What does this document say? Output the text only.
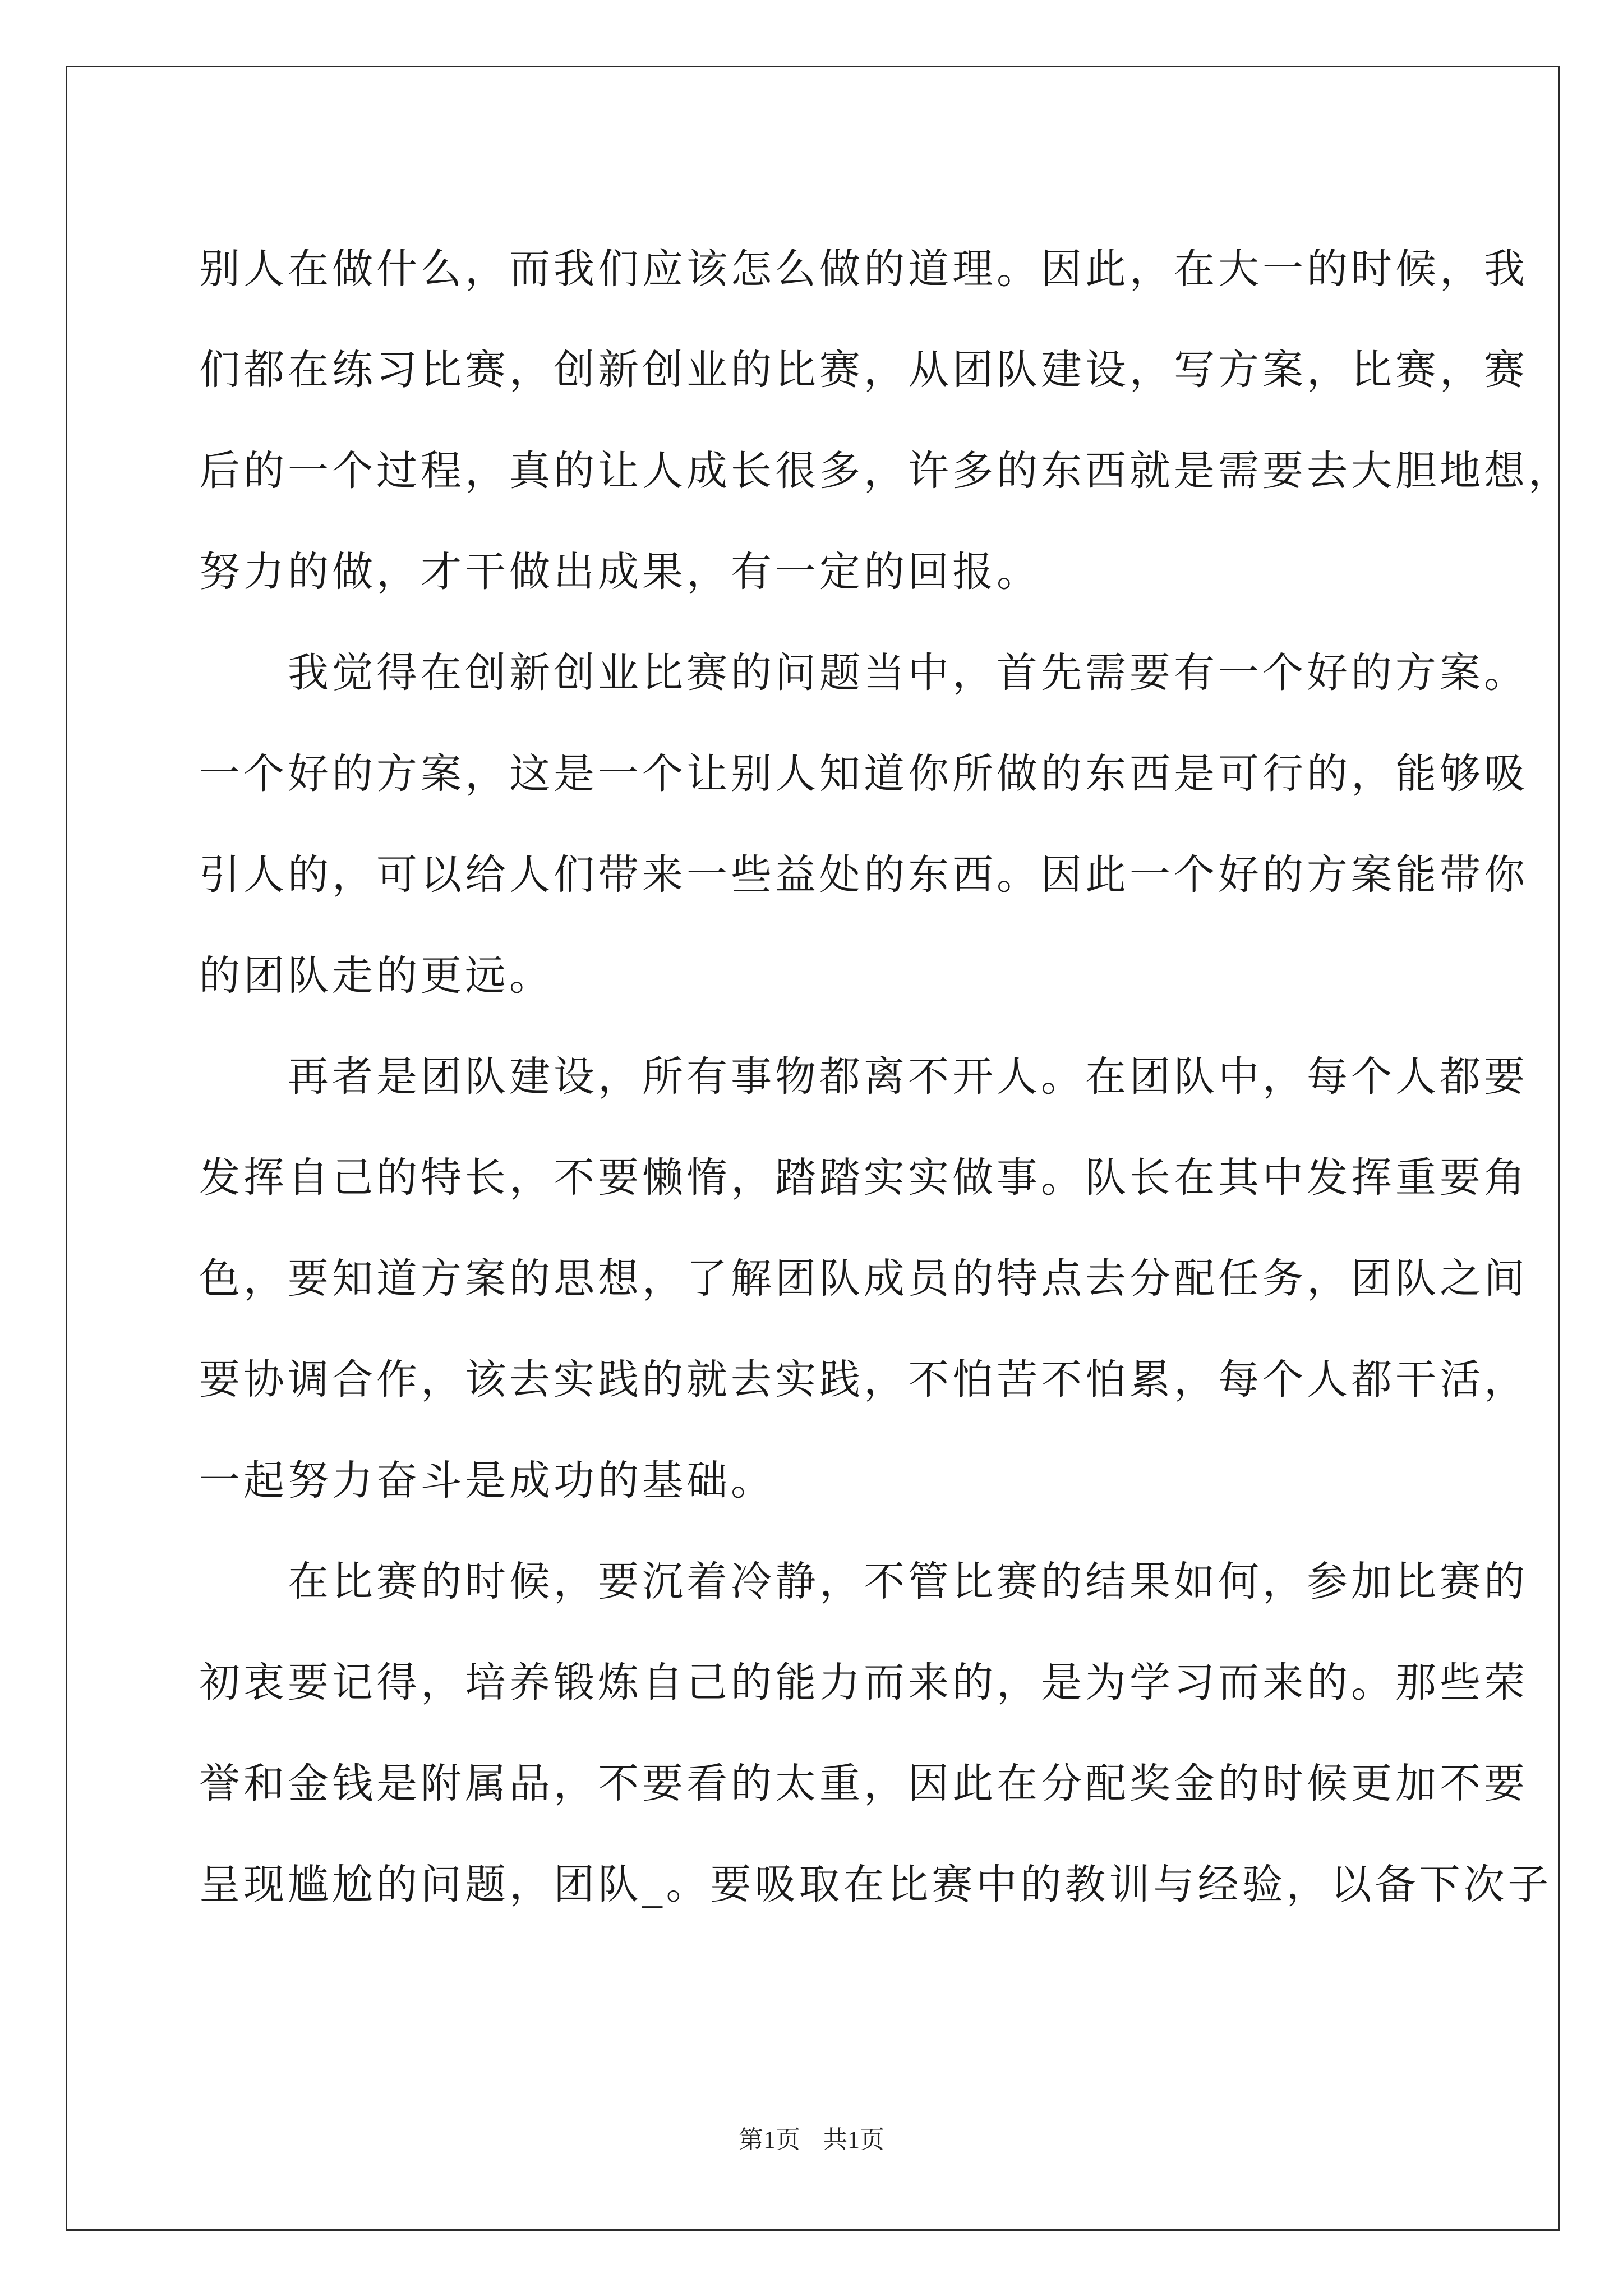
别人在做什么，而我们应该怎么做的道理。因此，在大一的时候，我
们都在练习比赛，创新创业的比赛，从团队建设，写方案，比赛，赛
后的一个过程，真的让人成长很多，许多的东西就是需要去大胆地想，
努力的做，才干做出成果，有一定的回报。
　　我觉得在创新创业比赛的问题当中，首先需要有一个好的方案。
一个好的方案，这是一个让别人知道你所做的东西是可行的，能够吸
引人的，可以给人们带来一些益处的东西。因此一个好的方案能带你
的团队走的更远。
　　再者是团队建设，所有事物都离不开人。在团队中，每个人都要
发挥自己的特长，不要懒惰，踏踏实实做事。队长在其中发挥重要角
色，要知道方案的思想，了解团队成员的特点去分配任务，团队之间
要协调合作，该去实践的就去实践，不怕苦不怕累，每个人都干活，
一起努力奋斗是成功的基础。
　　在比赛的时候，要沉着冷静，不管比赛的结果如何，参加比赛的
初衷要记得，培养锻炼自己的能力而来的，是为学习而来的。那些荣
誉和金钱是附属品，不要看的太重，因此在分配奖金的时候更加不要
呈现尴尬的问题，团队_。要吸取在比赛中的教训与经验，以备下次子
第1页 共1页
